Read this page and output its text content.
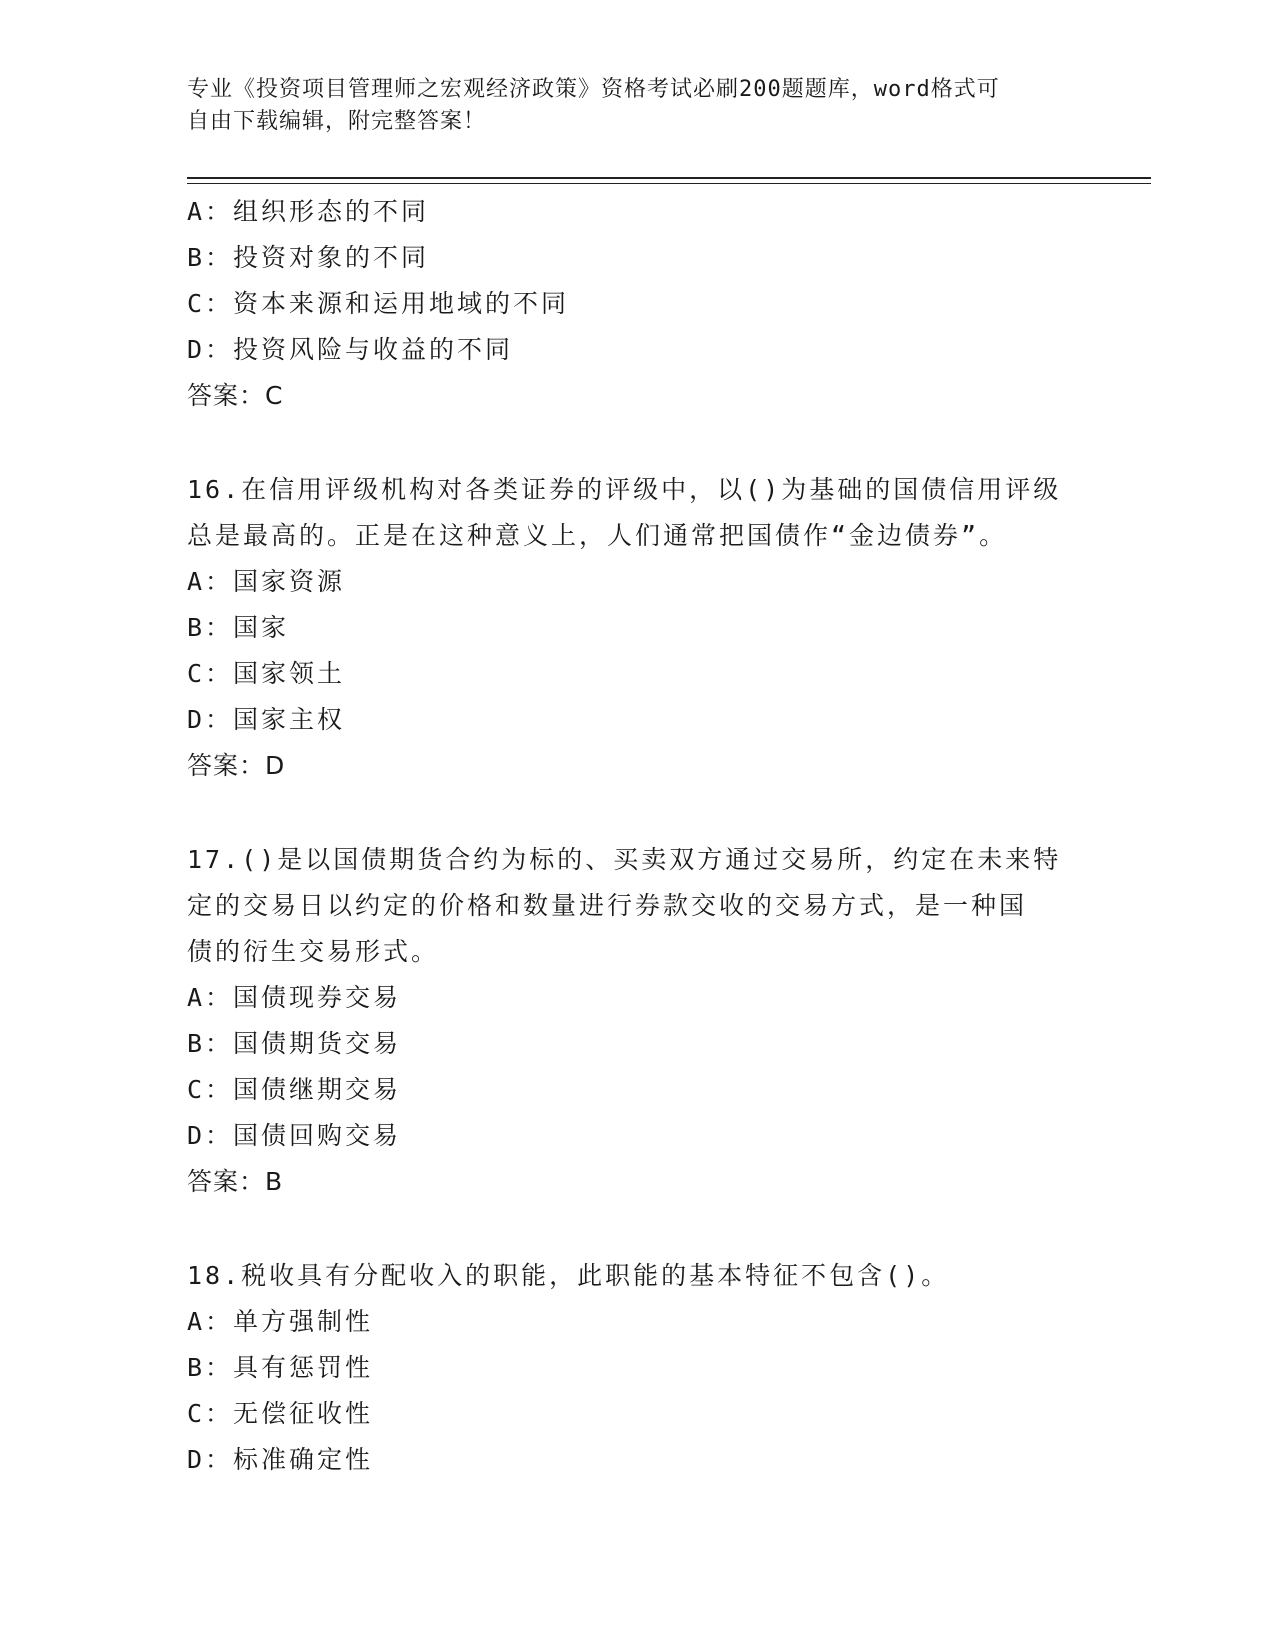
专业《投资项目管理师之宏观经济政策》资格考试必刷200题题库，word格式可
自由下载编辑，附完整答案！
A：组织形态的不同
B：投资对象的不同
C：资本来源和运用地域的不同
D：投资风险与收益的不同
答案：C
16.在信用评级机构对各类证券的评级中，以()为基础的国债信用评级
总是最高的。正是在这种意义上，人们通常把国债作“金边债券”。
A：国家资源
B：国家
C：国家领土
D：国家主权
答案：D
17.()是以国债期货合约为标的、买卖双方通过交易所，约定在未来特
定的交易日以约定的价格和数量进行券款交收的交易方式，是一种国
债的衍生交易形式。
A：国债现券交易
B：国债期货交易
C：国债继期交易
D：国债回购交易
答案：B
18.税收具有分配收入的职能，此职能的基本特征不包含()。
A：单方强制性
B：具有惩罚性
C：无偿征收性
D：标准确定性
